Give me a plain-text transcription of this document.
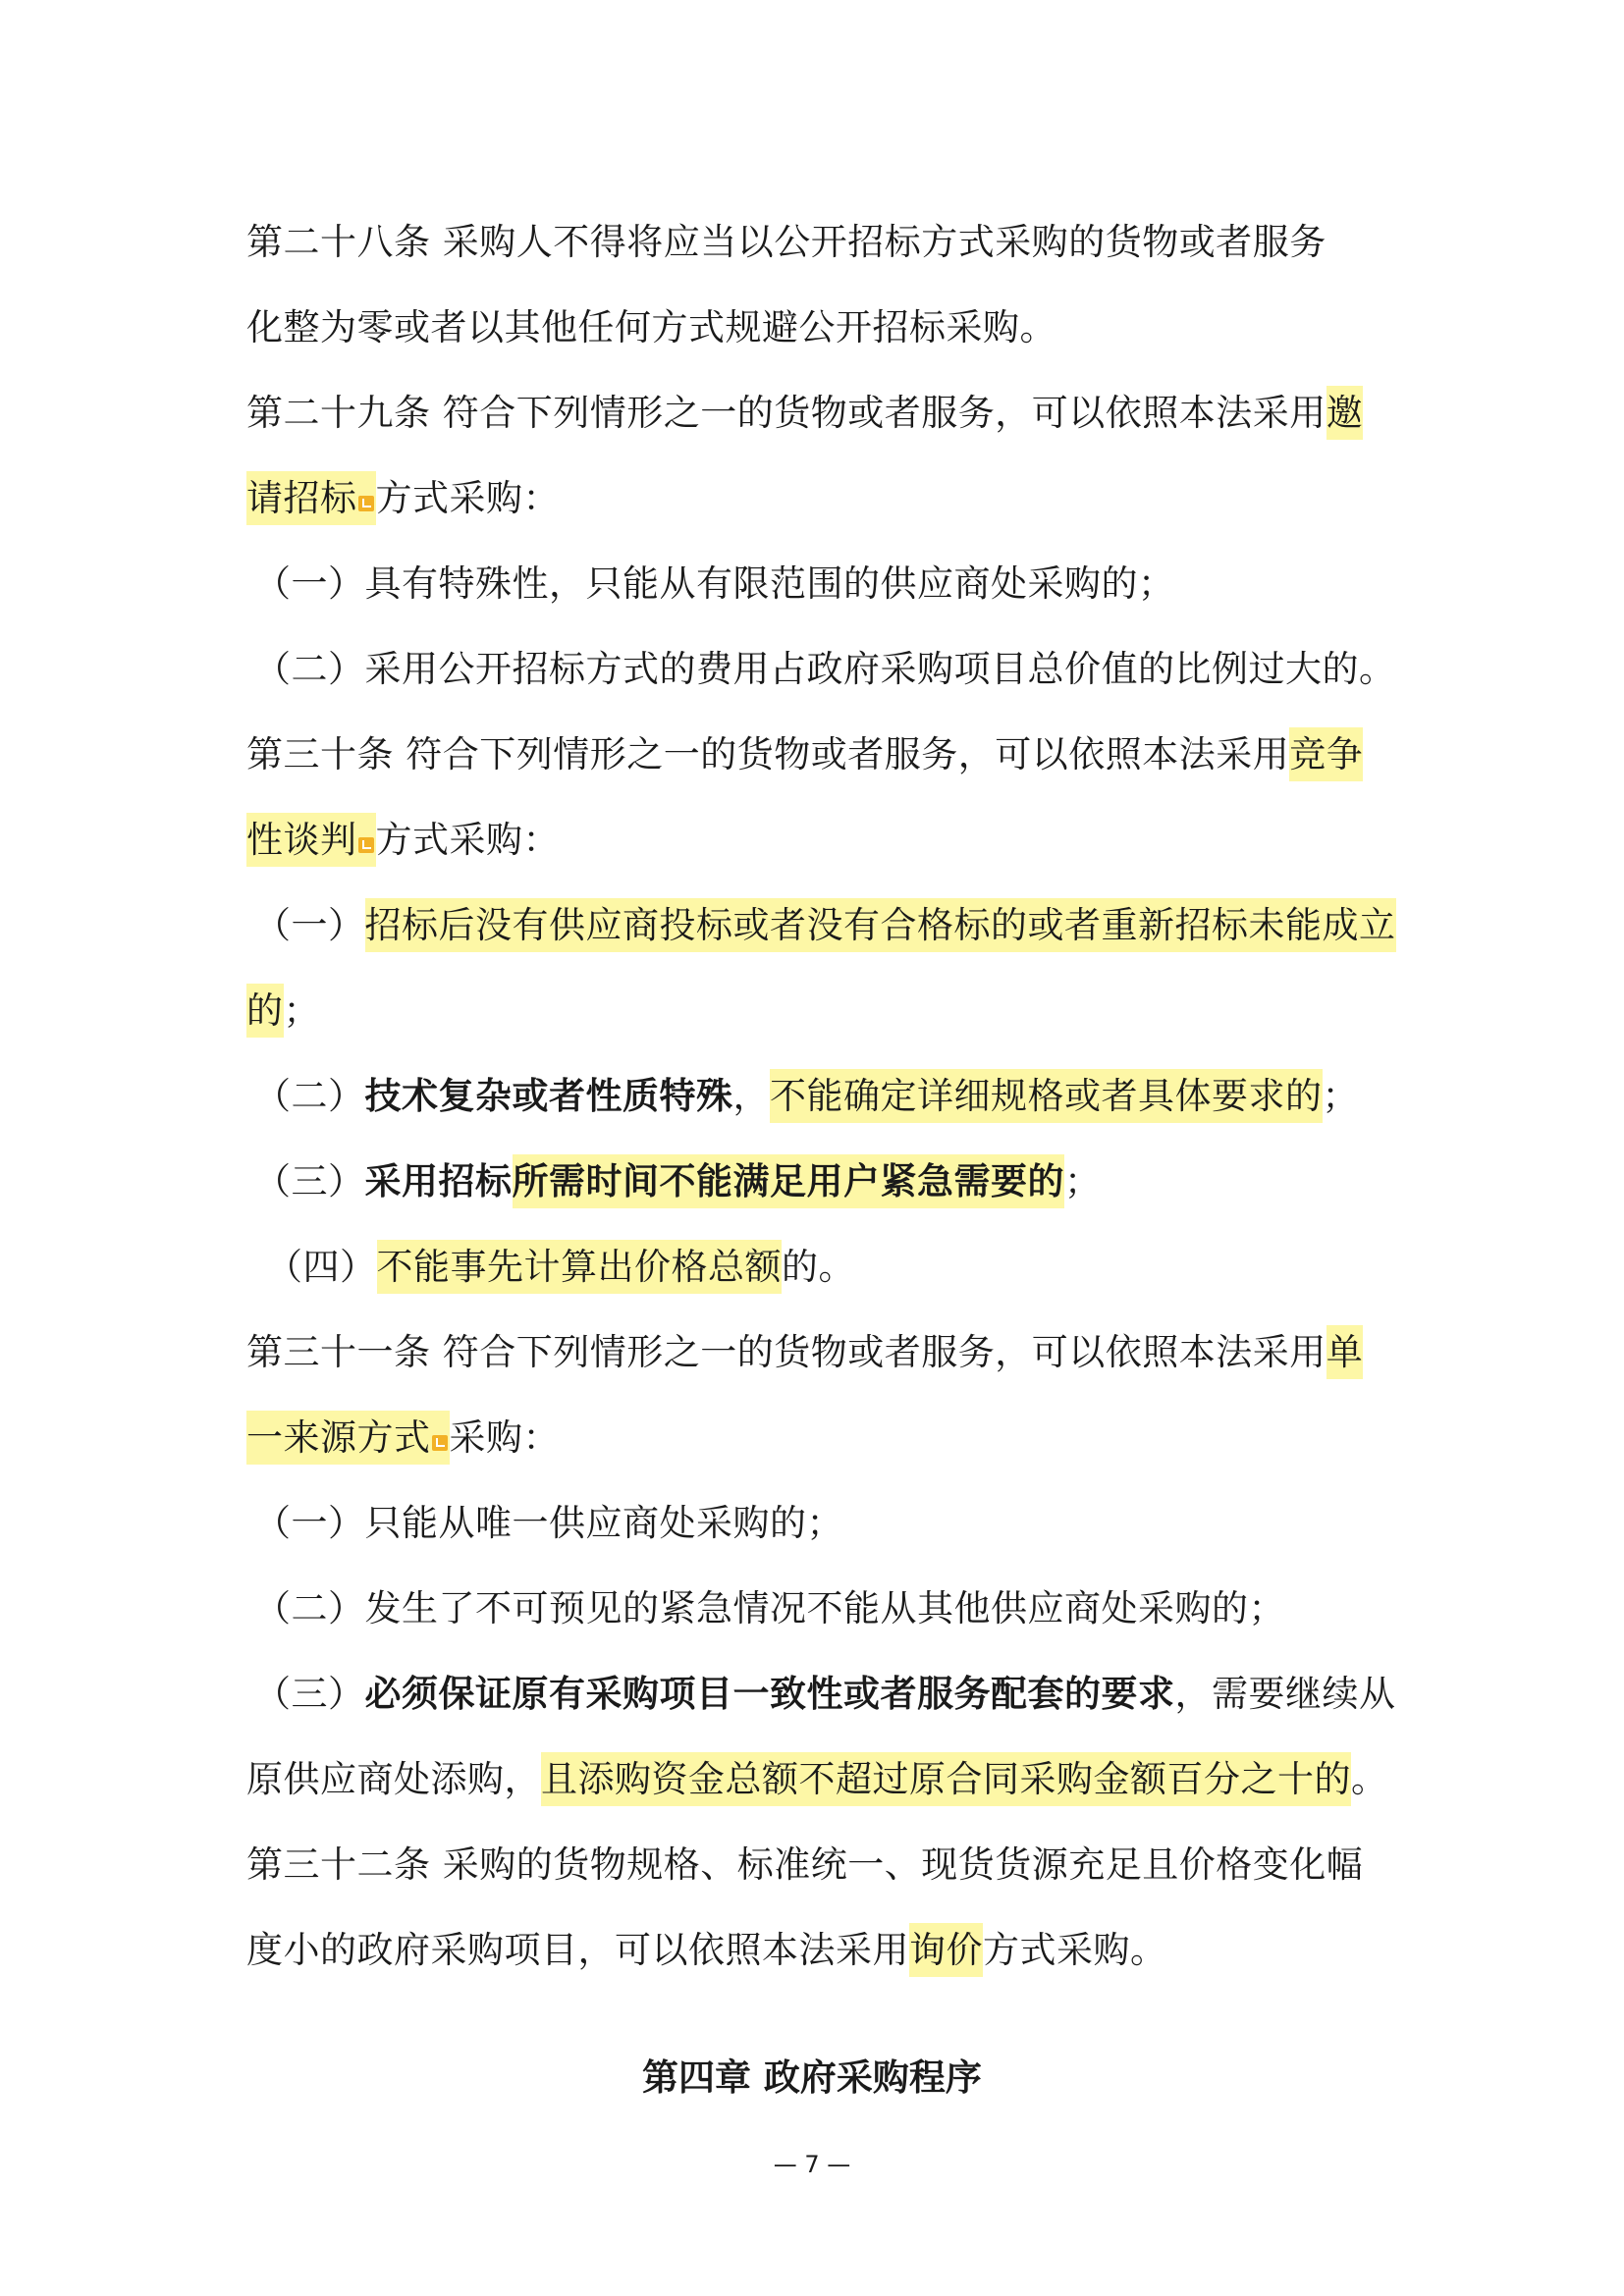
第二十八条 采购人不得将应当以公开招标方式采购的货物或者服务
化整为零或者以其他任何方式规避公开招标采购。
第二十九条 符合下列情形之一的货物或者服务，可以依照本法采用邀
请招标 方式采购：
（一）具有特殊性，只能从有限范围的供应商处采购的；
（二）采用公开招标方式的费用占政府采购项目总价值的比例过大的。
第三十条 符合下列情形之一的货物或者服务，可以依照本法采用竞争
性谈判 方式采购：
（一）招标后没有供应商投标或者没有合格标的或者重新招标未能成立
的；
（二）技术复杂或者性质特殊，不能确定详细规格或者具体要求的；
（三）采用招标所需时间不能满足用户紧急需要的；
（四）不能事先计算出价格总额的。
第三十一条 符合下列情形之一的货物或者服务，可以依照本法采用单
一来源方式 采购：
（一）只能从唯一供应商处采购的；
（二）发生了不可预见的紧急情况不能从其他供应商处采购的；
（三）必须保证原有采购项目一致性或者服务配套的要求，需要继续从
原供应商处添购，且添购资金总额不超过原合同采购金额百分之十的。
第三十二条 采购的货物规格、标准统一、现货货源充足且价格变化幅
度小的政府采购项目，可以依照本法采用询价方式采购。
第四章 政府采购程序
— 7 —
